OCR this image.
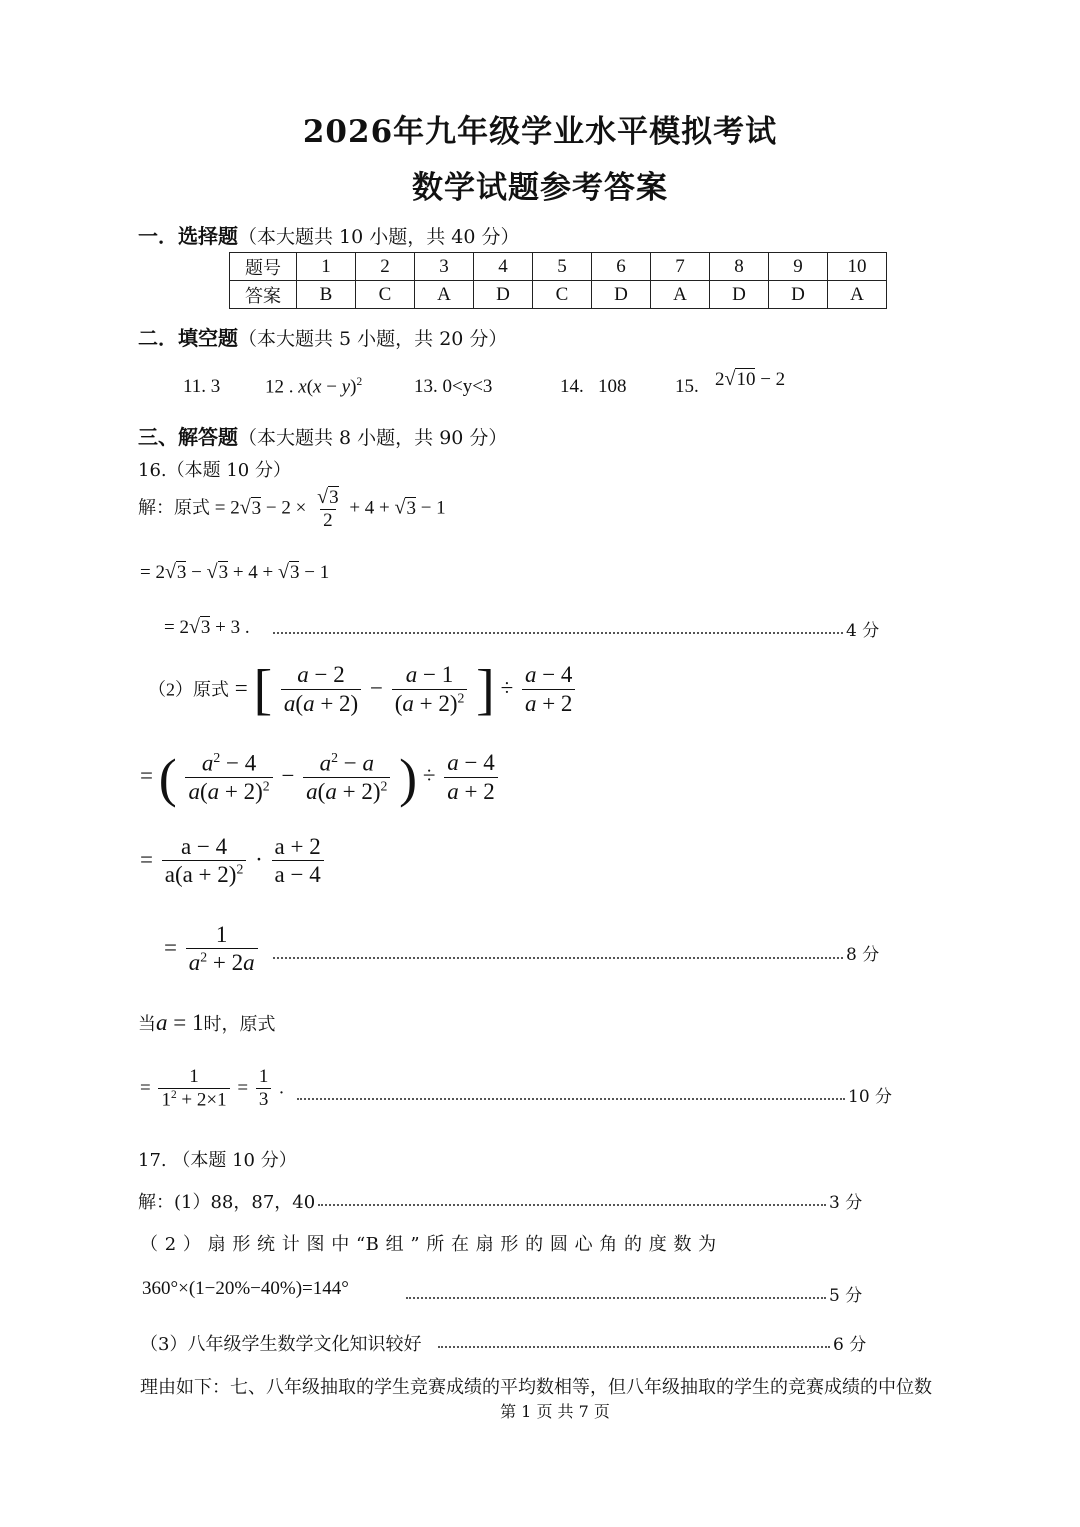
2026年九年级学业水平模拟考试
数学试题参考答案
一．选择题（本大题共 10 小题，共 40 分）
题号	1	2	3	4	5	6	7	8	9	10
答案	B	C	A	D	C	D	A	D	D	A
二．填空题（本大题共 5 小题，共 20 分）
11. 3 12 . $x(x - y)^2$	13. 0<y<3	14. 108	15. 2√10 − 2
三、解答题（本大题共 8 小题，共 90 分）
16.（本题 10 分）
解：原式 = $2√3 - 2 \times \frac{√3}{2} + 4 + √3 - 1$
= 2√3 − √3 + 4 + √3 − 1
= 2√3 + 3 .	4 分
（2）原式 = [ $\frac{a - 2}{a(a + 2)} - \frac{a - 1}{(a + 2)^2}$ ] ÷ $\frac{a - 4}{a + 2}$
= ( $\frac{a^2 - 4}{a(a + 2)^2} - \frac{a^2 - a}{a(a + 2)^2}$ ) ÷ $\frac{a - 4}{a + 2}$
= $\frac{a - 4}{a(a + 2)^2} \cdot \frac{a + 2}{a - 4}$
= $\frac{1}{a^2 + 2a}$	8 分
当a = 1时，原式
= $\frac{1}{1^2 + 2\times 1} = \frac{1}{3}$ .	10 分
17. （本题 10 分）
解：(1）88，87，40	3 分
（ 2 ） 扇 形 统 计 图 中 “B 组 ” 所 在 扇 形 的 圆 心 角 的 度 数 为
360°×(1−20%−40%)=144°	5 分
（3）八年级学生数学文化知识较好	6 分
理由如下：七、八年级抽取的学生竞赛成绩的平均数相等，但八年级抽取的学生的竞赛成绩的中位数
第 1 页 共 7 页
